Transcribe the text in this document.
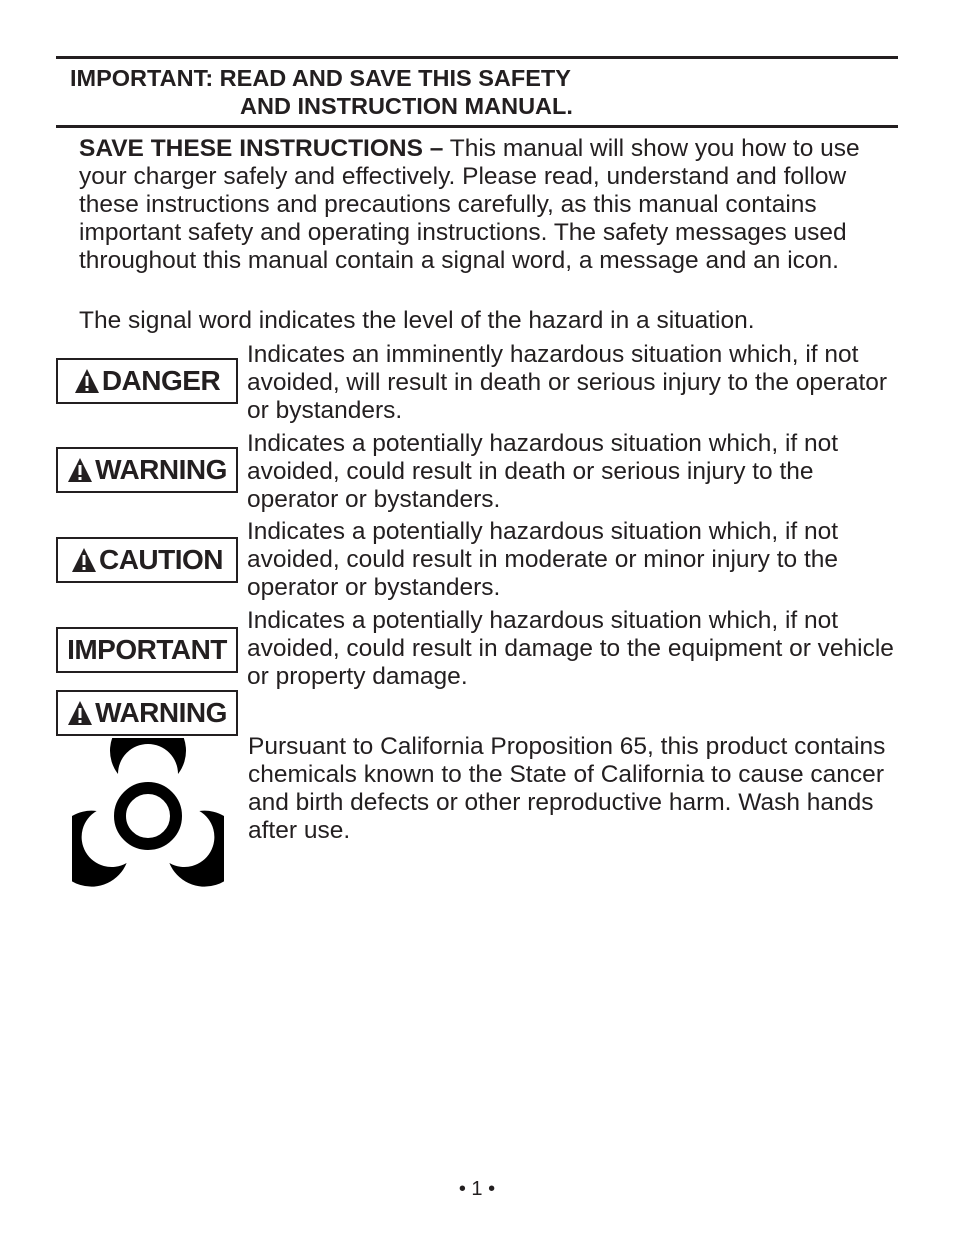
IMPORTANT: READ AND SAVE THIS SAFETY
AND INSTRUCTION MANUAL.
SAVE THESE INSTRUCTIONS – This manual will show you how to use your charger safely and effectively. Please read, understand and follow these instructions and precautions carefully, as this manual contains important safety and operating instructions. The safety messages used throughout this manual contain a signal word, a message and an icon.
The signal word indicates the level of the hazard in a situation.
DANGER
Indicates an imminently hazardous situation which, if not avoided, will result in death or serious injury to the operator or bystanders.
WARNING
Indicates a potentially hazardous situation which, if not avoided, could result in death or serious injury to the operator or bystanders.
CAUTION
Indicates a potentially hazardous situation which, if not avoided, could result in moderate or minor injury to the operator or bystanders.
IMPORTANT
Indicates a potentially hazardous situation which, if not avoided, could result in damage to the equipment or vehicle or property damage.
WARNING
Pursuant to California Proposition 65, this product contains chemicals known to the State of California to cause cancer and birth defects or other reproductive harm. Wash hands after use.
• 1 •
